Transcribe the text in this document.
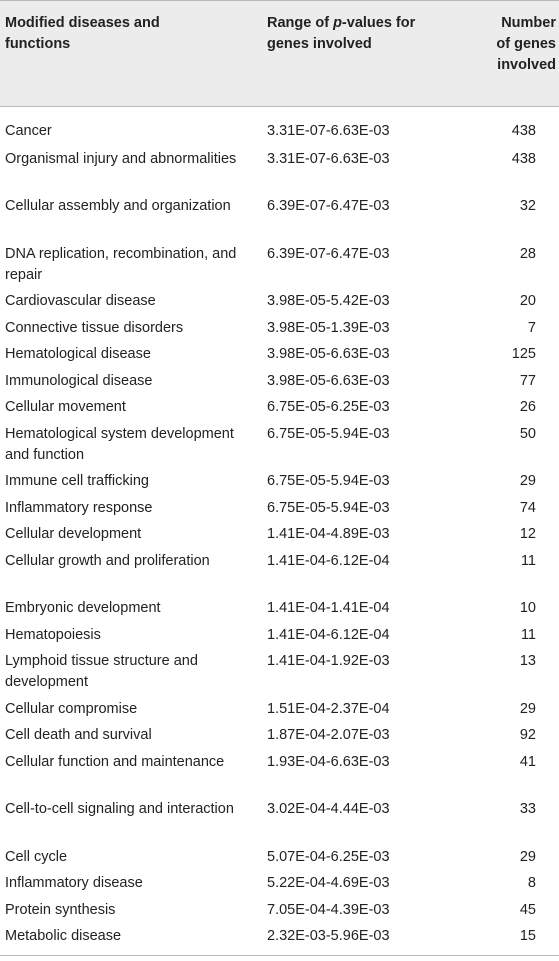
Modified diseases and functions	Range of p-values for genes involved	Number of genes involved

Cancer	3.31E-07-6.63E-03	438
Organismal injury and abnormalities	3.31E-07-6.63E-03	438
Cellular assembly and organization	6.39E-07-6.47E-03	32
DNA replication, recombination, and repair	6.39E-07-6.47E-03	28
Cardiovascular disease	3.98E-05-5.42E-03	20
Connective tissue disorders	3.98E-05-1.39E-03	7
Hematological disease	3.98E-05-6.63E-03	125
Immunological disease	3.98E-05-6.63E-03	77
Cellular movement	6.75E-05-6.25E-03	26
Hematological system development and function	6.75E-05-5.94E-03	50
Immune cell trafficking	6.75E-05-5.94E-03	29
Inflammatory response	6.75E-05-5.94E-03	74
Cellular development	1.41E-04-4.89E-03	12
Cellular growth and proliferation	1.41E-04-6.12E-04	11
Embryonic development	1.41E-04-1.41E-04	10
Hematopoiesis	1.41E-04-6.12E-04	11
Lymphoid tissue structure and development	1.41E-04-1.92E-03	13
Cellular compromise	1.51E-04-2.37E-04	29
Cell death and survival	1.87E-04-2.07E-03	92
Cellular function and maintenance	1.93E-04-6.63E-03	41
Cell-to-cell signaling and interaction	3.02E-04-4.44E-03	33
Cell cycle	5.07E-04-6.25E-03	29
Inflammatory disease	5.22E-04-4.69E-03	8
Protein synthesis	7.05E-04-4.39E-03	45
Metabolic disease	2.32E-03-5.96E-03	15
